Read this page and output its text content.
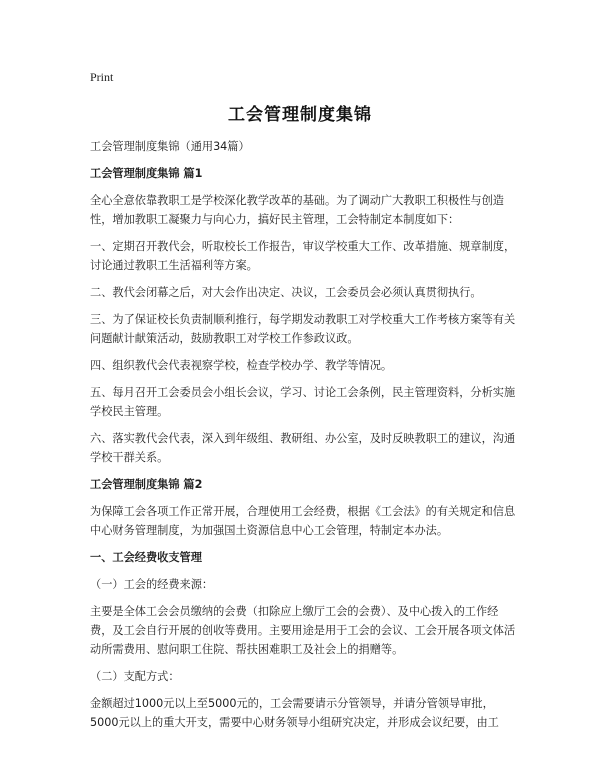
Print
工会管理制度集锦

工会管理制度集锦（通用34篇）

工会管理制度集锦 篇1

全心全意依靠教职工是学校深化教学改革的基础。为了调动广大教职工积极性与创造性，增加教职工凝聚力与向心力，搞好民主管理，工会特制定本制度如下：

一、定期召开教代会，听取校长工作报告，审议学校重大工作、改革措施、规章制度，讨论通过教职工生活福利等方案。

二、教代会闭幕之后，对大会作出决定、决议，工会委员会必须认真贯彻执行。

三、为了保证校长负责制顺利推行，每学期发动教职工对学校重大工作考核方案等有关问题献计献策活动，鼓励教职工对学校工作参政议政。

四、组织教代会代表视察学校，检查学校办学、教学等情况。

五、每月召开工会委员会小组长会议，学习、讨论工会条例，民主管理资料，分析实施学校民主管理。

六、落实教代会代表，深入到年级组、教研组、办公室，及时反映教职工的建议，沟通学校干群关系。

工会管理制度集锦 篇2

为保障工会各项工作正常开展，合理使用工会经费，根据《工会法》的有关规定和信息中心财务管理制度，为加强国土资源信息中心工会管理，特制定本办法。

一、工会经费收支管理

（一）工会的经费来源：

主要是全体工会会员缴纳的会费（扣除应上缴厅工会的会费）、及中心拨入的工作经费，及工会自行开展的创收等费用。主要用途是用于工会的会议、工会开展各项文体活动所需费用、慰问职工住院、帮扶困难职工及社会上的捐赠等。

（二）支配方式：

金额超过1000元以上至5000元的，工会需要请示分管领导，并请分管领导审批，5000元以上的重大开支，需要中心财务领导小组研究决定，并形成会议纪要，由工
